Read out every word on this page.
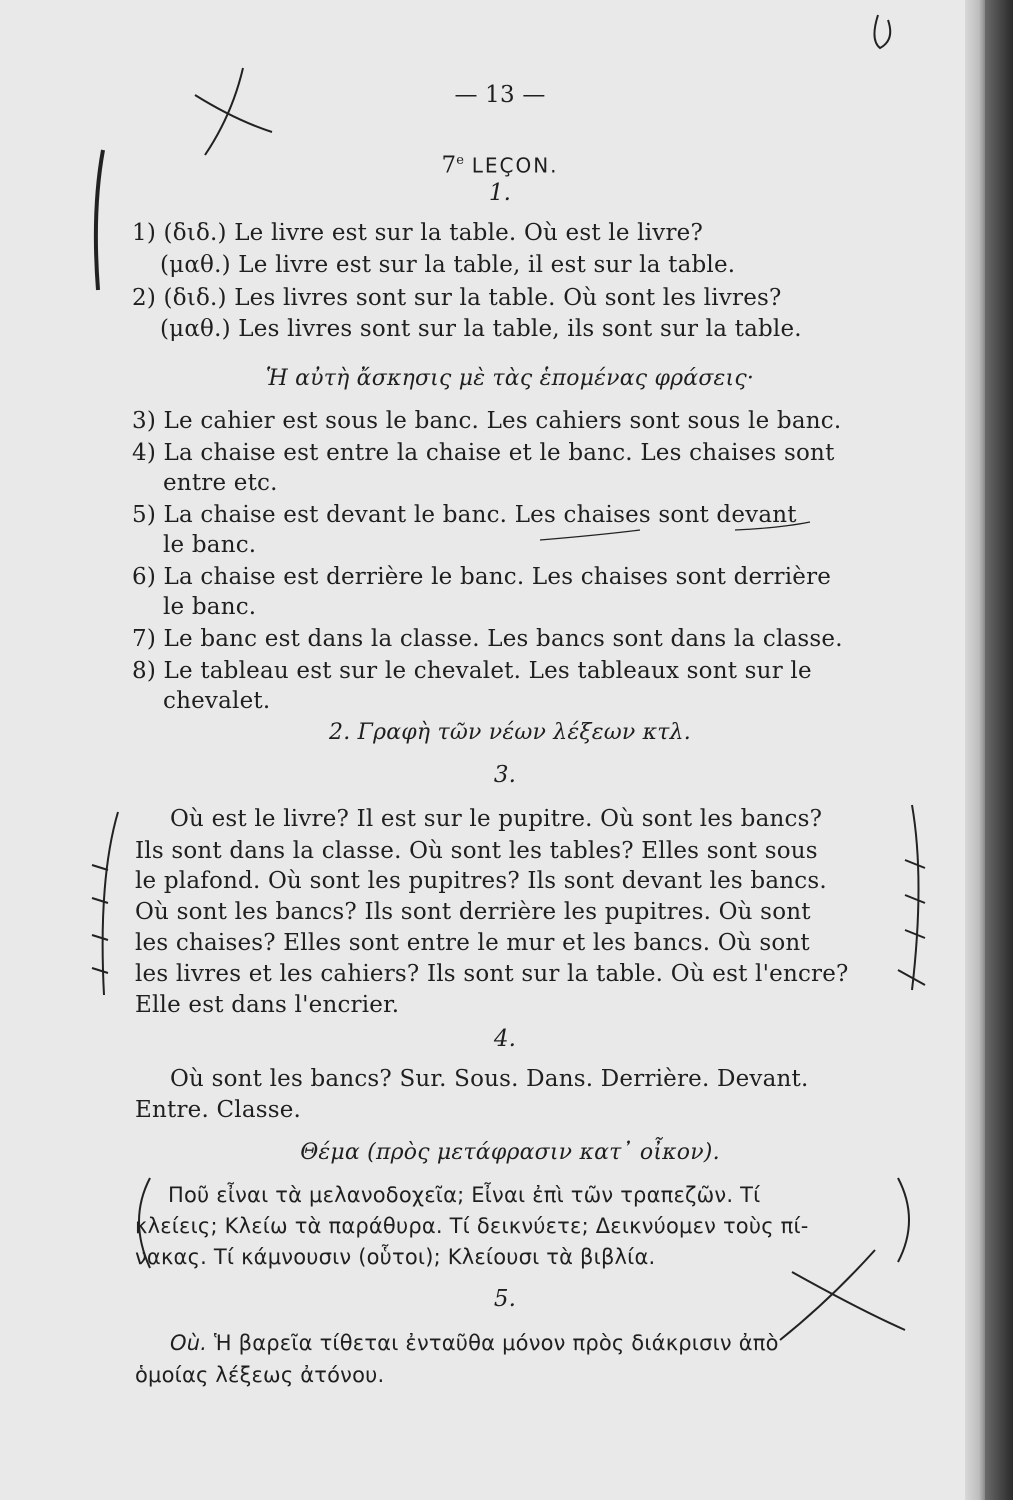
— 13 —
7e LEÇON.
1.
1) (διδ.) Le livre est sur la table. Où est le livre?
(μαθ.) Le livre est sur la table, il est sur la table.
2) (διδ.) Les livres sont sur la table. Où sont les livres?
(μαθ.) Les livres sont sur la table, ils sont sur la table.
Ἡ αὐτὴ ἄσκησις μὲ τὰς ἑπομένας φράσεις·
3) Le cahier est sous le banc. Les cahiers sont sous le banc.
4) La chaise est entre la chaise et le banc. Les chaises sont
entre etc.
5) La chaise est devant le banc. Les chaises sont devant
le banc.
6) La chaise est derrière le banc. Les chaises sont derrière
le banc.
7) Le banc est dans la classe. Les bancs sont dans la classe.
8) Le tableau est sur le chevalet. Les tableaux sont sur le
chevalet.
2. Γραφὴ τῶν νέων λέξεων κτλ.
3.
Où est le livre? Il est sur le pupitre. Où sont les bancs?
Ils sont dans la classe. Où sont les tables? Elles sont sous
le plafond. Où sont les pupitres? Ils sont devant les bancs.
Où sont les bancs? Ils sont derrière les pupitres. Où sont
les chaises? Elles sont entre le mur et les bancs. Où sont
les livres et les cahiers? Ils sont sur la table. Où est l'encre?
Elle est dans l'encrier.
4.
Où sont les bancs? Sur. Sous. Dans. Derrière. Devant.
Entre. Classe.
Θέμα (πρὸς μετάφρασιν κατ᾿ οἶκον).
Ποῦ εἶναι τὰ μελανοδοχεῖα; Εἶναι ἐπὶ τῶν τραπεζῶν. Τί
κλείεις; Κλείω τὰ παράθυρα. Τί δεικνύετε; Δεικνύομεν τοὺς πί-
νακας. Τί κάμνουσιν (οὗτοι); Κλείουσι τὰ βιβλία.
5.
Où. Ἡ βαρεῖα τίθεται ἐνταῦθα μόνον πρὸς διάκρισιν ἀπὸ
ὁμοίας λέξεως ἀτόνου.
